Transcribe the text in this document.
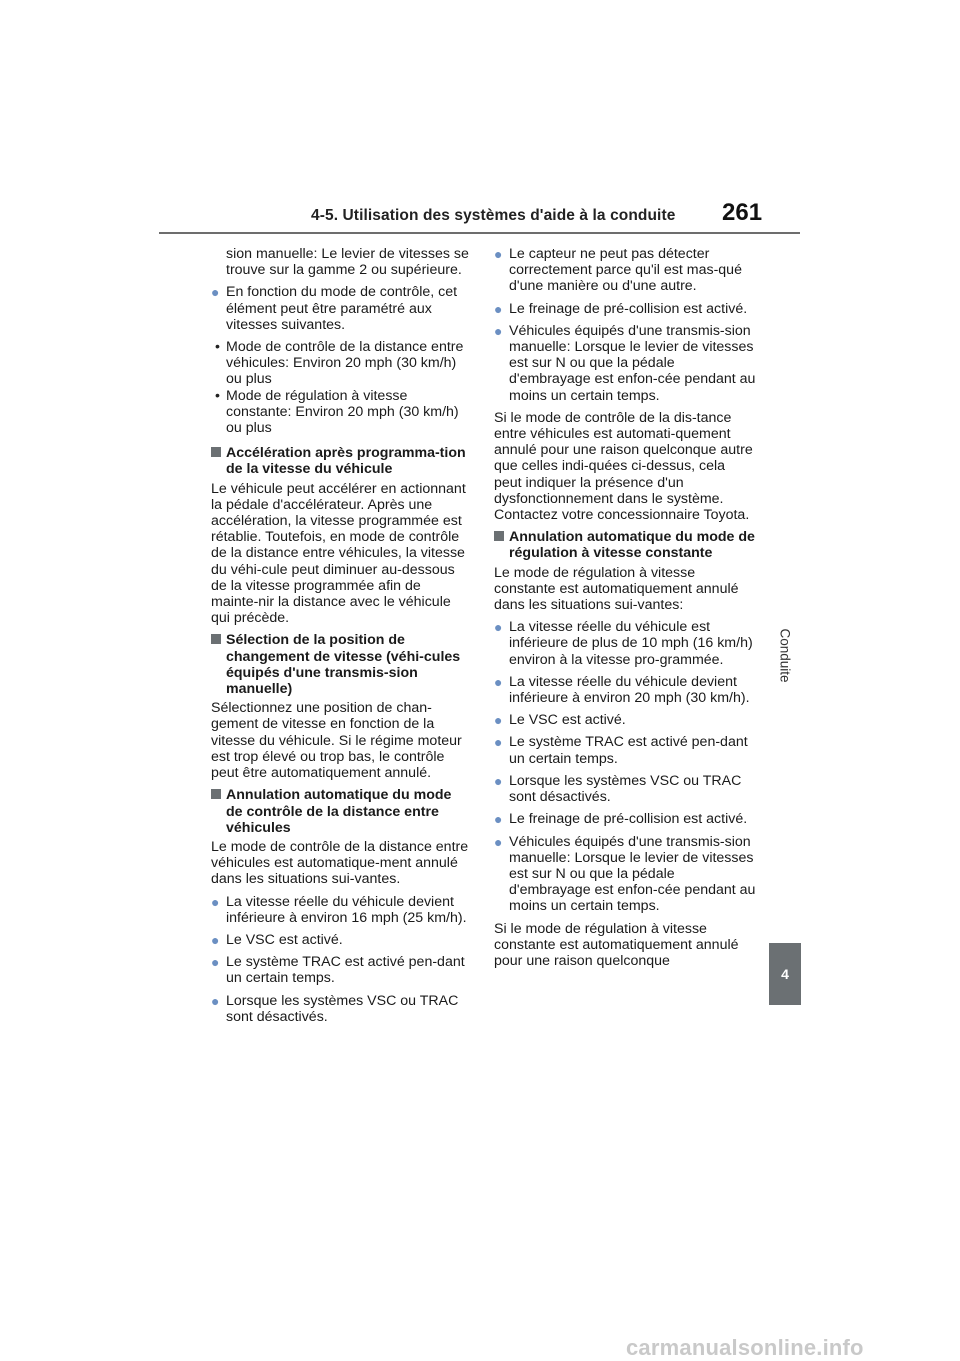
4-5. Utilisation des systèmes d'aide à la conduite 261
4
Conduite
sion manuelle: Le levier de vitesses se trouve sur la gamme 2 ou supérieure.
● En fonction du mode de contrôle, cet élément peut être paramétré aux vitesses suivantes.
• Mode de contrôle de la distance entre véhicules: Environ 20 mph (30 km/h) ou plus
• Mode de régulation à vitesse constante: Environ 20 mph (30 km/h) ou plus
Accélération après programma-tion de la vitesse du véhicule
Le véhicule peut accélérer en actionnant la pédale d'accélérateur. Après une accélération, la vitesse programmée est rétablie. Toutefois, en mode de contrôle de la distance entre véhicules, la vitesse du véhi-cule peut diminuer au-dessous de la vitesse programmée afin de mainte-nir la distance avec le véhicule qui précède.
Sélection de la position de changement de vitesse (véhi-cules équipés d'une transmis-sion manuelle)
Sélectionnez une position de chan-gement de vitesse en fonction de la vitesse du véhicule. Si le régime moteur est trop élevé ou trop bas, le contrôle peut être automatiquement annulé.
Annulation automatique du mode de contrôle de la distance entre véhicules
Le mode de contrôle de la distance entre véhicules est automatique-ment annulé dans les situations sui-vantes.
● La vitesse réelle du véhicule devient inférieure à environ 16 mph (25 km/h).
● Le VSC est activé.
● Le système TRAC est activé pen-dant un certain temps.
● Lorsque les systèmes VSC ou TRAC sont désactivés.
● Le capteur ne peut pas détecter correctement parce qu'il est mas-qué d'une manière ou d'une autre.
● Le freinage de pré-collision est activé.
● Véhicules équipés d'une transmis-sion manuelle: Lorsque le levier de vitesses est sur N ou que la pédale d'embrayage est enfon-cée pendant au moins un certain temps.
Si le mode de contrôle de la dis-tance entre véhicules est automati-quement annulé pour une raison quelconque autre que celles indi-quées ci-dessus, cela peut indiquer la présence d'un dysfonctionnement dans le système. Contactez votre concessionnaire Toyota.
Annulation automatique du mode de régulation à vitesse constante
Le mode de régulation à vitesse constante est automatiquement annulé dans les situations sui-vantes:
● La vitesse réelle du véhicule est inférieure de plus de 10 mph (16 km/h) environ à la vitesse pro-grammée.
● La vitesse réelle du véhicule devient inférieure à environ 20 mph (30 km/h).
● Le VSC est activé.
● Le système TRAC est activé pen-dant un certain temps.
● Lorsque les systèmes VSC ou TRAC sont désactivés.
● Le freinage de pré-collision est activé.
● Véhicules équipés d'une transmis-sion manuelle: Lorsque le levier de vitesses est sur N ou que la pédale d'embrayage est enfon-cée pendant au moins un certain temps.
Si le mode de régulation à vitesse constante est automatiquement annulé pour une raison quelconque
carmanualsonline.info
